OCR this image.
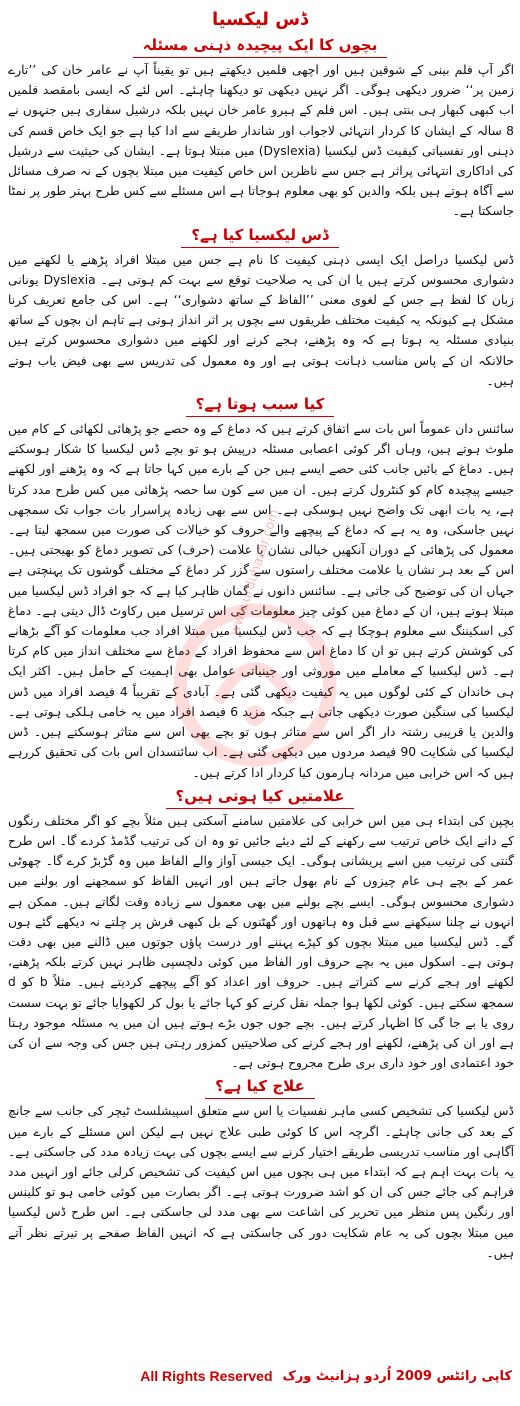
ڈس لیکسیا
بچوں کا ایک پیچیدہ ذہنی مسئلہ

اگر آپ فلم بینی کے شوقین ہیں اور اچھی فلمیں دیکھتے ہیں تو یقیناً آپ نے عامر خان کی ’’تارے زمین پر‘‘ ضرور دیکھی ہوگی۔ اگر نہیں دیکھی تو دیکھنا چاہئے۔ اس لئے کہ ایسی بامقصد فلمیں اب کبھی کبھار ہی بنتی ہیں۔ اس فلم کے ہیرو عامر خان نہیں بلکہ درشیل سفاری ہیں جنہوں نے 8 سالہ کے ایشان کا کردار انتہائی لاجواب اور شاندار طریقے سے ادا کیا ہے جو ایک خاص قسم کی ذہنی اور نفسیاتی کیفیت ڈس لیکسیا (Dyslexia) میں مبتلا ہوتا ہے۔ ایشان کی حیثیت سے درشیل کی اداکاری انتہائی پراثر ہے جس سے ناظرین اس خاص کیفیت میں مبتلا بچوں کے نہ صرف مسائل سے آگاہ ہوتے ہیں بلکہ والدین کو بھی معلوم ہوجاتا ہے اس مسئلے سے کس طرح بہتر طور پر نمٹا جاسکتا ہے۔

ڈس لیکسیا کیا ہے؟

ڈس لیکسیا دراصل ایک ایسی ذہنی کیفیت کا نام ہے جس میں مبتلا افراد پڑھنے یا لکھنے میں دشواری محسوس کرتے ہیں یا ان کی یہ صلاحیت توقع سے بہت کم ہوتی ہے۔ Dyslexia یونانی زبان کا لفظ ہے جس کے لغوی معنی ’’الفاظ کے ساتھ دشواری‘‘ ہے۔ اس کی جامع تعریف کرنا مشکل ہے کیونکہ یہ کیفیت مختلف طریقوں سے بچوں پر اثر انداز ہوتی ہے تاہم ان بچوں کے ساتھ بنیادی مسئلہ یہ ہوتا ہے کہ وہ پڑھنے، ہجے کرنے اور لکھنے میں دشواری محسوس کرتے ہیں حالانکہ ان کے پاس مناسب ذہانت ہوتی ہے اور وہ معمول کی تدریس سے بھی فیض یاب ہوتے ہیں۔

کیا سبب ہوتا ہے؟

سائنس دان عموماً اس بات سے اتفاق کرتے ہیں کہ دماغ کے وہ حصے جو پڑھائی لکھائی کے کام میں ملوث ہوتے ہیں، وہاں اگر کوئی اعصابی مسئلہ درپیش ہو تو بچے ڈس لیکسیا کا شکار ہوسکتے ہیں۔ دماغ کے بائیں جانب کئی حصے ایسے ہیں جن کے بارے میں کہا جاتا ہے کہ وہ پڑھنے اور لکھنے جیسے پیچیدہ کام کو کنٹرول کرتے ہیں۔ ان میں سے کون سا حصہ پڑھائی میں کس طرح مدد کرتا ہے، یہ بات ابھی تک واضح نہیں ہوسکی ہے۔ اس سے بھی زیادہ پراسرار بات جواب تک سمجھی نہیں جاسکی، وہ یہ ہے کہ دماغ کے پیچھے والے حروف کو خیالات کی صورت میں سمجھ لیتا ہے۔ معمول کی پڑھائی کے دوران آنکھیں خیالی نشان یا علامت (حرف) کی تصویر دماغ کو بھیجتی ہیں۔ اس کے بعد ہر نشان یا علامت مختلف راستوں سے گزر کر دماغ کے مختلف گوشوں تک پہنچتی ہے جہاں ان کی توضیح کی جاتی ہے۔ سائنس دانوں نے گمان ظاہر کیا ہے کہ جو افراد ڈس لیکسیا میں مبتلا ہوتے ہیں، ان کے دماغ میں کوئی چیز معلومات کی اس ترسیل میں رکاوٹ ڈال دیتی ہے۔ دماغ کی اسکیننگ سے معلوم ہوچکا ہے کہ جب ڈس لیکسیا میں مبتلا افراد جب معلومات کو آگے بڑھانے کی کوشش کرتے ہیں تو ان کا دماغ اس سے محفوظ افراد کے دماغ سے مختلف انداز میں کام کرتا ہے۔ ڈس لیکسیا کے معاملے میں موروثی اور جینیاتی عوامل بھی اہمیت کے حامل ہیں۔ اکثر ایک ہی خاندان کے کئی لوگوں میں یہ کیفیت دیکھی گئی ہے۔ آبادی کے تقریباً 4 فیصد افراد میں ڈس لیکسیا کی سنگین صورت دیکھی جاتی ہے جبکہ مزید 6 فیصد افراد میں یہ خامی ہلکی ہوتی ہے۔ والدین یا قریبی رشتہ دار اگر اس سے متاثر ہوں تو بچے بھی اس سے متاثر ہوسکتے ہیں۔ ڈس لیکسیا کی شکایت 90 فیصد مردوں میں دیکھی گئی ہے۔ اب سائنسدان اس بات کی تحقیق کررہے ہیں کہ اس خرابی میں مردانہ ہارمون کیا کردار ادا کرتے ہیں۔

علامتیں کیا ہوتی ہیں؟

بچپن کی ابتداء ہی میں اس خرابی کی علامتیں سامنے آسکتی ہیں مثلاً بچے کو اگر مختلف رنگوں کے دانے ایک خاص ترتیب سے رکھنے کے لئے دیئے جائیں تو وہ ان کی ترتیب گڈمڈ کردے گا۔ اس طرح گنتی کی ترتیب میں اسے پریشانی ہوگی۔ ایک جیسی آواز والے الفاظ میں وہ گڑبڑ کرے گا۔ چھوٹی عمر کے بچے ہی عام چیزوں کے نام بھول جاتے ہیں اور انہیں الفاظ کو سمجھنے اور بولنے میں دشواری محسوس ہوگی۔ ایسے بچے بولنے میں بھی معمول سے زیادہ وقت لگاتے ہیں۔ ممکن ہے انہوں نے چلنا سیکھنے سے قبل وہ ہاتھوں اور گھٹنوں کے بل کبھی فرش پر چلتے نہ دیکھے گئے ہوں گے۔ ڈس لیکسیا میں مبتلا بچوں کو کپڑے پہننے اور درست پاؤں جوتوں میں ڈالنے میں بھی دقت ہوتی ہے۔ اسکول میں یہ بچے حروف اور الفاظ میں کوئی دلچسپی ظاہر نہیں کرتے بلکہ پڑھنے، لکھنے اور ہجے کرنے سے کتراتے ہیں۔ حروف اور اعداد کو آگے پیچھے کردیتے ہیں۔ مثلاً b کو d سمجھ سکتے ہیں۔ کوئی لکھا ہوا جملہ نقل کرنے کو کہا جائے یا بول کر لکھوایا جائے تو بہت سست روی یا بے جا گی کا اظہار کرتے ہیں۔ بچے جوں جوں بڑے ہوتے ہیں ان میں یہ مسئلہ موجود رہتا ہے اور ان کی پڑھنے، لکھنے اور ہجے کرنے کی صلاحیتیں کمزور رہتی ہیں جس کی وجہ سے ان کی خود اعتمادی اور خود داری بری طرح مجروح ہوتی ہے۔

علاج کیا ہے؟

ڈس لیکسیا کی تشخیص کسی ماہر نفسیات یا اس سے متعلق اسپیشلسٹ ٹیچر کی جانب سے جانچ کے بعد کی جانی چاہئے۔ اگرچہ اس کا کوئی طبی علاج نہیں ہے لیکن اس مسئلے کے بارے میں آگاہی اور مناسب تدریسی طریقے اختیار کرنے سے ایسے بچوں کی بہت زیادہ مدد کی جاسکتی ہے۔ یہ بات بہت اہم ہے کہ ابتداء میں ہی بچوں میں اس کیفیت کی تشخیص کرلی جائے اور انہیں مدد فراہم کی جائے جس کی ان کو اشد ضرورت ہوتی ہے۔ اگر بصارت میں کوئی خامی ہو تو کلینس اور رنگین پس منظر میں تحریر کی اشاعت سے بھی مدد لی جاسکتی ہے۔ اس طرح ڈس لیکسیا میں مبتلا بچوں کی یہ عام شکایت دور کی جاسکتی ہے کہ انہیں الفاظ صفحے پر تیرتے نظر آتے ہیں۔

www.urduhazar.com
All Rights Reserved کاپی رائٹس 2009 اُردو ہزانیٹ ورک
